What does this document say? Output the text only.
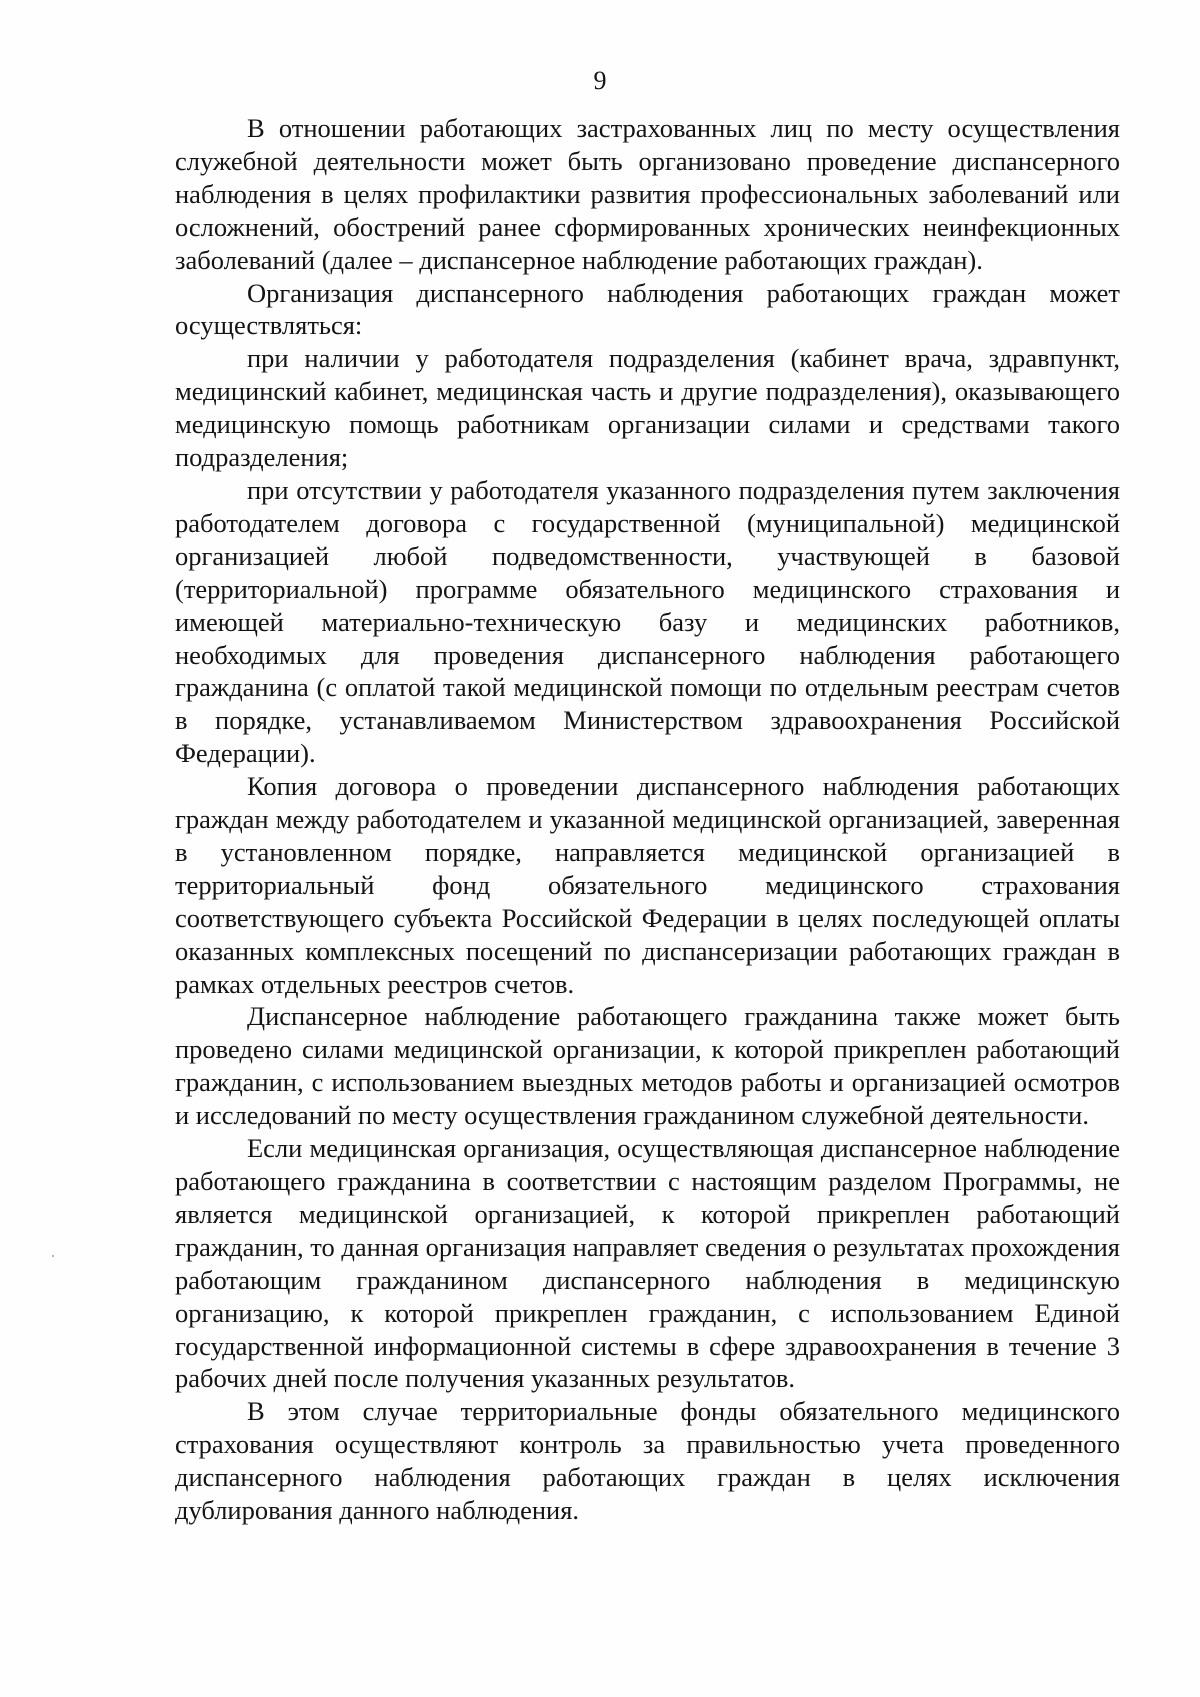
9

В отношении работающих застрахованных лиц по месту осуществления служебной деятельности может быть организовано проведение диспансерного наблюдения в целях профилактики развития профессиональных заболеваний или осложнений, обострений ранее сформированных хронических неинфекционных заболеваний (далее – диспансерное наблюдение работающих граждан).

Организация диспансерного наблюдения работающих граждан может осуществляться:

при наличии у работодателя подразделения (кабинет врача, здравпункт, медицинский кабинет, медицинская часть и другие подразделения), оказывающего медицинскую помощь работникам организации силами и средствами такого подразделения;

при отсутствии у работодателя указанного подразделения путем заключения работодателем договора с государственной (муниципальной) медицинской организацией любой подведомственности, участвующей в базовой (территориальной) программе обязательного медицинского страхования и имеющей материально-техническую базу и медицинских работников, необходимых для проведения диспансерного наблюдения работающего гражданина (с оплатой такой медицинской помощи по отдельным реестрам счетов в порядке, устанавливаемом Министерством здравоохранения Российской Федерации).

Копия договора о проведении диспансерного наблюдения работающих граждан между работодателем и указанной медицинской организацией, заверенная в установленном порядке, направляется медицинской организацией в территориальный фонд обязательного медицинского страхования соответствующего субъекта Российской Федерации в целях последующей оплаты оказанных комплексных посещений по диспансеризации работающих граждан в рамках отдельных реестров счетов.

Диспансерное наблюдение работающего гражданина также может быть проведено силами медицинской организации, к которой прикреплен работающий гражданин, с использованием выездных методов работы и организацией осмотров и исследований по месту осуществления гражданином служебной деятельности.

Если медицинская организация, осуществляющая диспансерное наблюдение работающего гражданина в соответствии с настоящим разделом Программы, не является медицинской организацией, к которой прикреплен работающий гражданин, то данная организация направляет сведения о результатах прохождения работающим гражданином диспансерного наблюдения в медицинскую организацию, к которой прикреплен гражданин, с использованием Единой государственной информационной системы в сфере здравоохранения в течение 3 рабочих дней после получения указанных результатов.

В этом случае территориальные фонды обязательного медицинского страхования осуществляют контроль за правильностью учета проведенного диспансерного наблюдения работающих граждан в целях исключения дублирования данного наблюдения.
